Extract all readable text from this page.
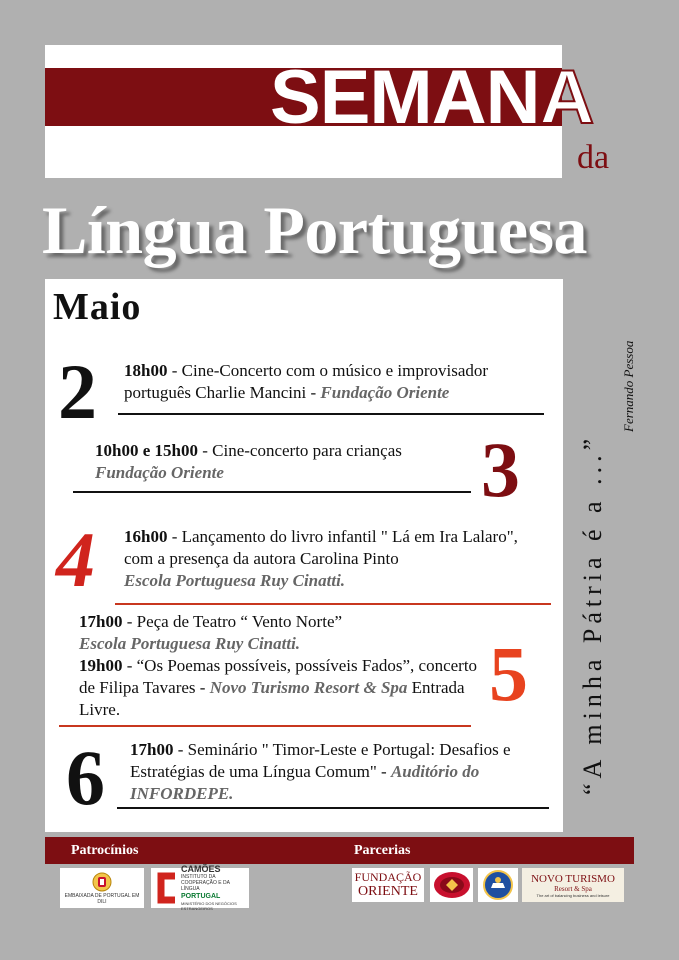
SEMANA
da
Língua Portuguesa
Maio
2 18h00 - Cine-Concerto com o músico e improvisador português Charlie Mancini - Fundação Oriente
10h00 e 15h00 - Cine-concerto para crianças
Fundação Oriente	3
4 16h00 - Lançamento do livro infantil " Lá em Ira Lalaro", com a presença da autora Carolina Pinto
Escola Portuguesa Ruy Cinatti.
17h00 - Peça de Teatro “ Vento Norte”
Escola Portuguesa Ruy Cinatti.
19h00 - “Os Poemas possíveis, possíveis Fados”, concerto de Filipa Tavares - Novo Turismo Resort & Spa Entrada Livre.	5
6 17h00 - Seminário " Timor-Leste e Portugal: Desafios e Estratégias de uma Língua Comum" - Auditório do INFORDEPE.	“A minha Pátria é a ...”
Fernando Pessoa
Patrocínios	Parcerias
EMBAIXADA DE PORTUGAL EM DILI
CAMÕES
INSTITUTO DA COOPERAÇÃO E DA LÍNGUA
PORTUGAL
MINISTÉRIO DOS NEGÓCIOS ESTRANGEIROS
FUNDAÇÃO
ORIENTE
NOVO TURISMO
Resort & Spa
The art of balancing business and leisure
